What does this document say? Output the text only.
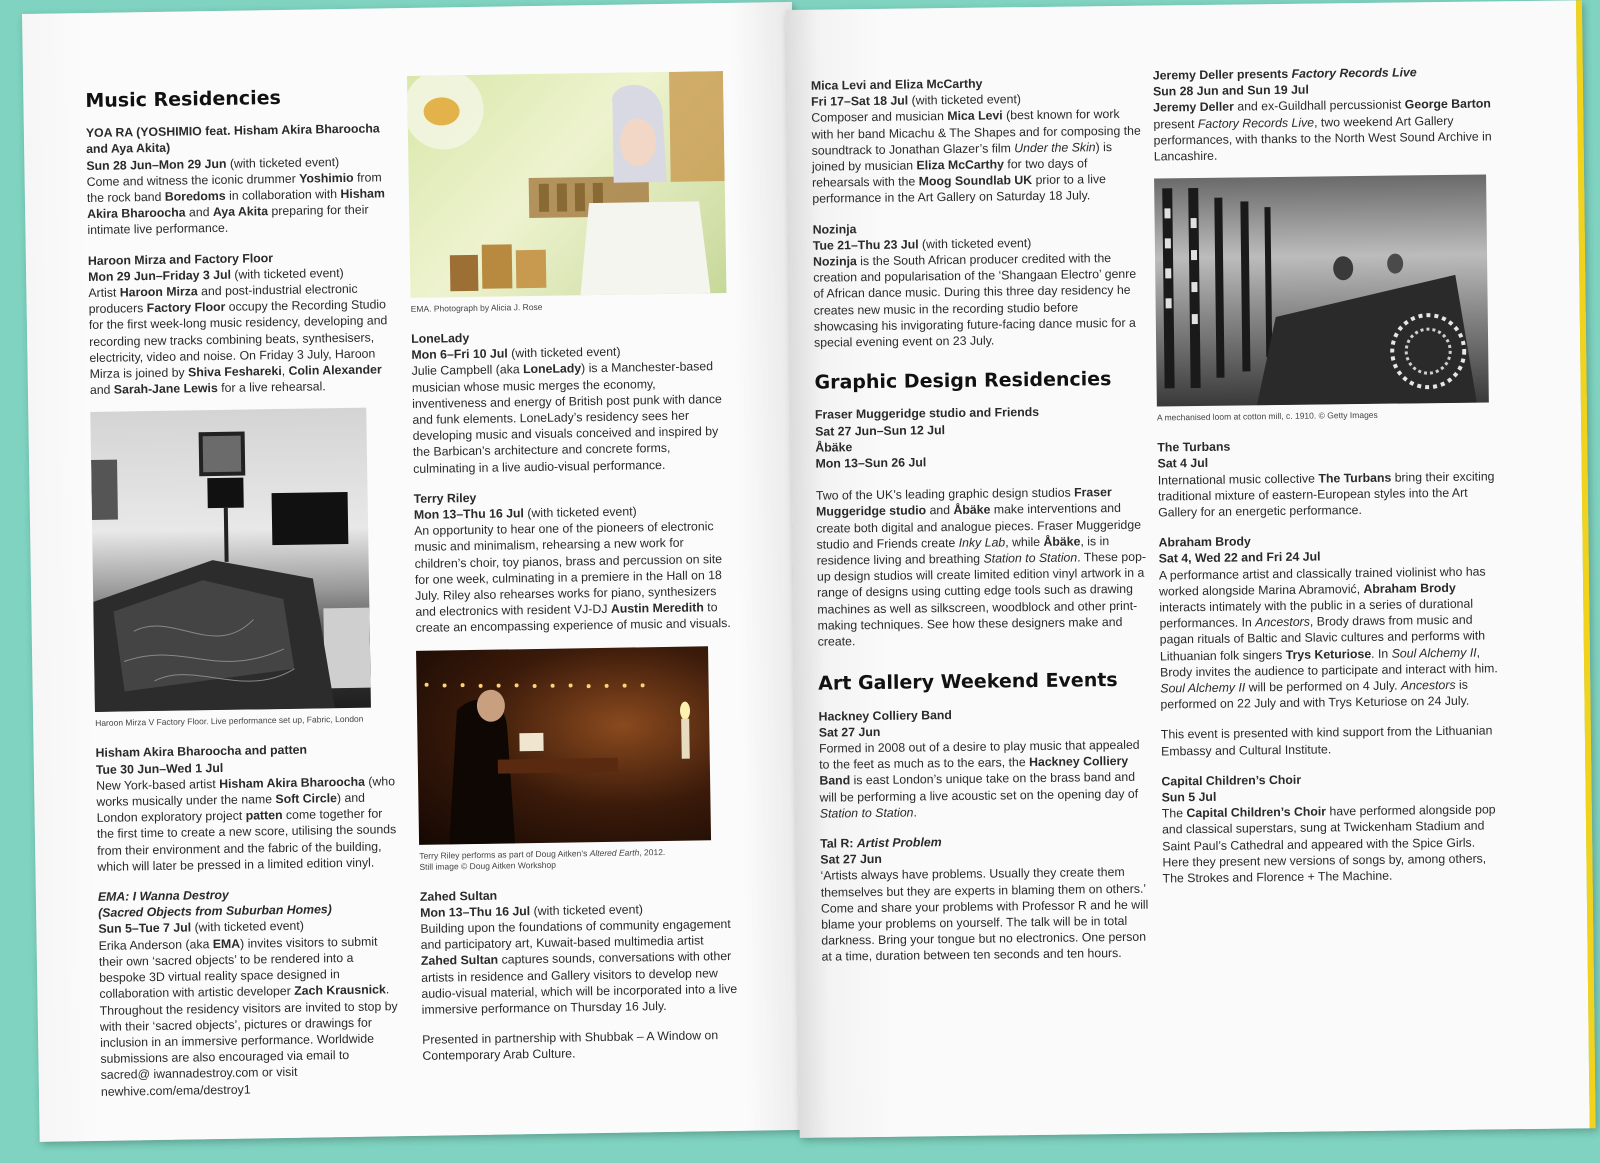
Music Residencies
YOA RA (YOSHIMIO feat. Hisham Akira Bharoocha and Aya Akita)
Sun 28 Jun–Mon 29 Jun (with ticketed event)

Come and witness the iconic drummer Yoshimio from the rock band Boredoms in collaboration with Hisham Akira Bharoocha and Aya Akita preparing for their intimate live performance.

Haroon Mirza and Factory Floor
Mon 29 Jun–Friday 3 Jul (with ticketed event)

Artist Haroon Mirza and post-industrial electronic producers Factory Floor occupy the Recording Studio for the first week-long music residency, developing and recording new tracks combining beats, synthesisers, electricity, video and noise. On Friday 3 July, Haroon Mirza is joined by Shiva Feshareki, Colin Alexander and Sarah-Jane Lewis for a live rehearsal.

Haroon Mirza V Factory Floor. Live performance set up, Fabric, London
Hisham Akira Bharoocha and patten
Tue 30 Jun–Wed 1 Jul

New York-based artist Hisham Akira Bharoocha (who works musically under the name Soft Circle) and London exploratory project patten come together for the first time to create a new score, utilising the sounds from their environment and the fabric of the building, which will later be pressed in a limited edition vinyl.

EMA: I Wanna Destroy
(Sacred Objects from Suburban Homes)
Sun 5–Tue 7 Jul (with ticketed event)

Erika Anderson (aka EMA) invites visitors to submit their own ‘sacred objects’ to be rendered into a bespoke 3D virtual reality space designed in collaboration with artistic developer Zach Krausnick. Throughout the residency visitors are invited to stop by with their ‘sacred objects’, pictures or drawings for inclusion in an immersive performance. Worldwide submissions are also encouraged via email to sacred@ iwannadestroy.com or visit newhive.com/ema/destroy1

EMA. Photograph by Alicia J. Rose
LoneLady
Mon 6–Fri 10 Jul (with ticketed event)

Julie Campbell (aka LoneLady) is a Manchester-based musician whose music merges the economy, inventiveness and energy of British post punk with dance and funk elements. LoneLady’s residency sees her developing music and visuals conceived and inspired by the Barbican’s architecture and concrete forms, culminating in a live audio-visual performance.

Terry Riley
Mon 13–Thu 16 Jul (with ticketed event)

An opportunity to hear one of the pioneers of electronic music and minimalism, rehearsing a new work for children’s choir, toy pianos, brass and percussion on site for one week, culminating in a premiere in the Hall on 18 July. Riley also rehearses works for piano, synthesizers and electronics with resident VJ-DJ Austin Meredith to create an encompassing experience of music and visuals.

Terry Riley performs as part of Doug Aitken’s Altered Earth, 2012.
Still image © Doug Aitken Workshop
Zahed Sultan
Mon 13–Thu 16 Jul (with ticketed event)

Building upon the foundations of community engagement and participatory art, Kuwait-based multimedia artist Zahed Sultan captures sounds, conversations with other artists in residence and Gallery visitors to develop new audio-visual material, which will be incorporated into a live immersive performance on Thursday 16 July.

Presented in partnership with Shubbak – A Window on Contemporary Arab Culture.

Mica Levi and Eliza McCarthy
Fri 17–Sat 18 Jul (with ticketed event)

Composer and musician Mica Levi (best known for work with her band Micachu & The Shapes and for composing the soundtrack to Jonathan Glazer’s film Under the Skin) is joined by musician Eliza McCarthy for two days of rehearsals with the Moog Soundlab UK prior to a live performance in the Art Gallery on Saturday 18 July.

Nozinja
Tue 21–Thu 23 Jul (with ticketed event)

Nozinja is the South African producer credited with the creation and popularisation of the ‘Shangaan Electro’ genre of African dance music. During this three day residency he creates new music in the recording studio before showcasing his invigorating future-facing dance music for a special evening event on 23 July.

Graphic Design Residencies
Fraser Muggeridge studio and Friends
Sat 27 Jun–Sun 12 Jul
Åbäke
Mon 13–Sun 26 Jul

Two of the UK’s leading graphic design studios Fraser Muggeridge studio and Åbäke make interventions and create both digital and analogue pieces. Fraser Muggeridge studio and Friends create Inky Lab, while Åbäke, is in residence living and breathing Station to Station. These pop-up design studios will create limited edition vinyl artwork in a range of designs using cutting edge tools such as drawing machines as well as silkscreen, woodblock and other print-making techniques. See how these designers make and create.

Art Gallery Weekend Events
Hackney Colliery Band
Sat 27 Jun

Formed in 2008 out of a desire to play music that appealed to the feet as much as to the ears, the Hackney Colliery Band is east London’s unique take on the brass band and will be performing a live acoustic set on the opening day of Station to Station.

Tal R: Artist Problem
Sat 27 Jun

‘Artists always have problems. Usually they create them themselves but they are experts in blaming them on others.’ Come and share your problems with Professor R and he will blame your problems on yourself. The talk will be in total darkness. Bring your tongue but no electronics. One person at a time, duration between ten seconds and ten hours.

Jeremy Deller presents Factory Records Live
Sun 28 Jun and Sun 19 Jul

Jeremy Deller and ex-Guildhall percussionist George Barton present Factory Records Live, two weekend Art Gallery performances, with thanks to the North West Sound Archive in Lancashire.

A mechanised loom at cotton mill, c. 1910. © Getty Images
The Turbans
Sat 4 Jul

International music collective The Turbans bring their exciting traditional mixture of eastern-European styles into the Art Gallery for an energetic performance.

Abraham Brody
Sat 4, Wed 22 and Fri 24 Jul

A performance artist and classically trained violinist who has worked alongside Marina Abramović, Abraham Brody interacts intimately with the public in a series of durational performances. In Ancestors, Brody draws from music and pagan rituals of Baltic and Slavic cultures and performs with Lithuanian folk singers Trys Keturiose. In Soul Alchemy II, Brody invites the audience to participate and interact with him. Soul Alchemy II will be performed on 4 July. Ancestors is performed on 22 July and with Trys Keturiose on 24 July.

This event is presented with kind support from the Lithuanian Embassy and Cultural Institute.

Capital Children’s Choir
Sun 5 Jul

The Capital Children’s Choir have performed alongside pop and classical superstars, sung at Twickenham Stadium and Saint Paul’s Cathedral and appeared with the Spice Girls. Here they present new versions of songs by, among others, The Strokes and Florence + The Machine.
